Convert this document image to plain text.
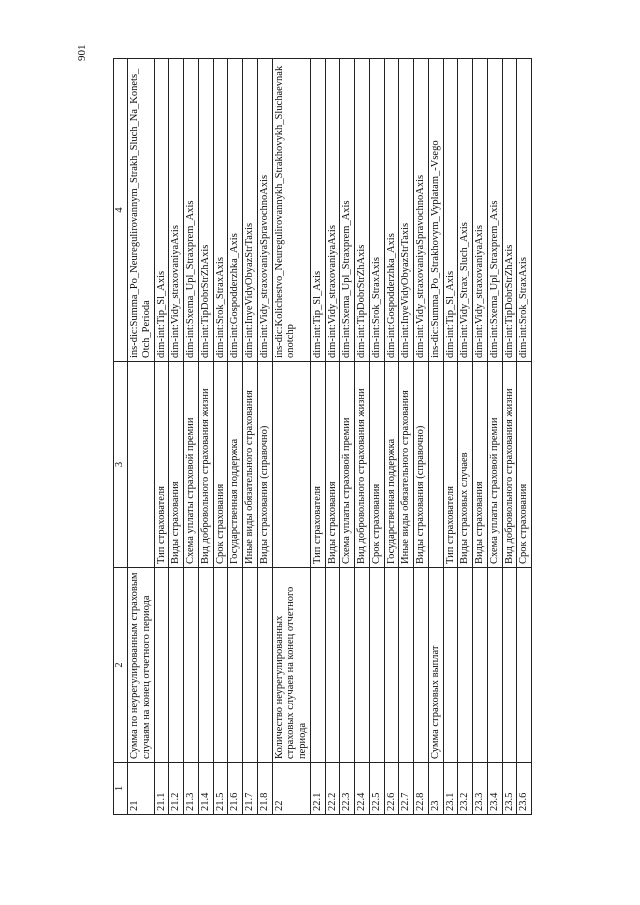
901
1	2	3	4
21	Сумма по неурегулированным страховым случаям на конец отчетного периода		ins-dic:Summa_Po_Neuregulirovannym_Strakh_Sluch_Na_Konets_Otch_Perioda
21.1		Тип страхователя	dim-int:Tip_Sl_Axis
21.2		Виды страхования	dim-int:Vidy_straxovaniyaAxis
21.3		Схема уплаты страховой премии	dim-int:Sxema_Upl_Straxprem_Axis
21.4		Вид добровольного страхования жизни	dim-int:TipDobrStrZhAxis
21.5		Срок страхования	dim-int:Srok_StraxAxis
21.6		Государственная поддержка	dim-int:Gospodderzhka_Axis
21.7		Иные виды обязательного страхования	dim-int:InyeVidyObyazStrTaxis
21.8		Виды страхования (справочно)	dim-int:Vidy_straxovaniyaSpravochnoAxis
22	Количество неурегулированных страховых случаев на конец отчетного периода		ins-dic:Kolichestvo_Neuregulirovannykh_Strakhovykh_Sluchaevnakonotchp
22.1		Тип страхователя	dim-int:Tip_Sl_Axis
22.2		Виды страхования	dim-int:Vidy_straxovaniyaAxis
22.3		Схема уплаты страховой премии	dim-int:Sxema_Upl_Straxprem_Axis
22.4		Вид добровольного страхования жизни	dim-int:TipDobrStrZhAxis
22.5		Срок страхования	dim-int:Srok_StraxAxis
22.6		Государственная поддержка	dim-int:Gospodderzhka_Axis
22.7		Иные виды обязательного страхования	dim-int:InyeVidyObyazStrTaxis
22.8		Виды страхования (справочно)	dim-int:Vidy_straxovaniyaSpravochnoAxis
23	Сумма страховых выплат		ins-dic:Summa_Po_Strakhovym_Vyplatam_-Vsego
23.1		Тип страхователя	dim-int:Tip_Sl_Axis
23.2		Виды страховых случаев	dim-int:Vidy_Strax_Sluch_Axis
23.3		Виды страхования	dim-int:Vidy_straxovaniyaAxis
23.4		Схема уплаты страховой премии	dim-int:Sxema_Upl_Straxprem_Axis
23.5		Вид добровольного страхования жизни	dim-int:TipDobrStrZhAxis
23.6		Срок страхования	dim-int:Srok_StraxAxis
